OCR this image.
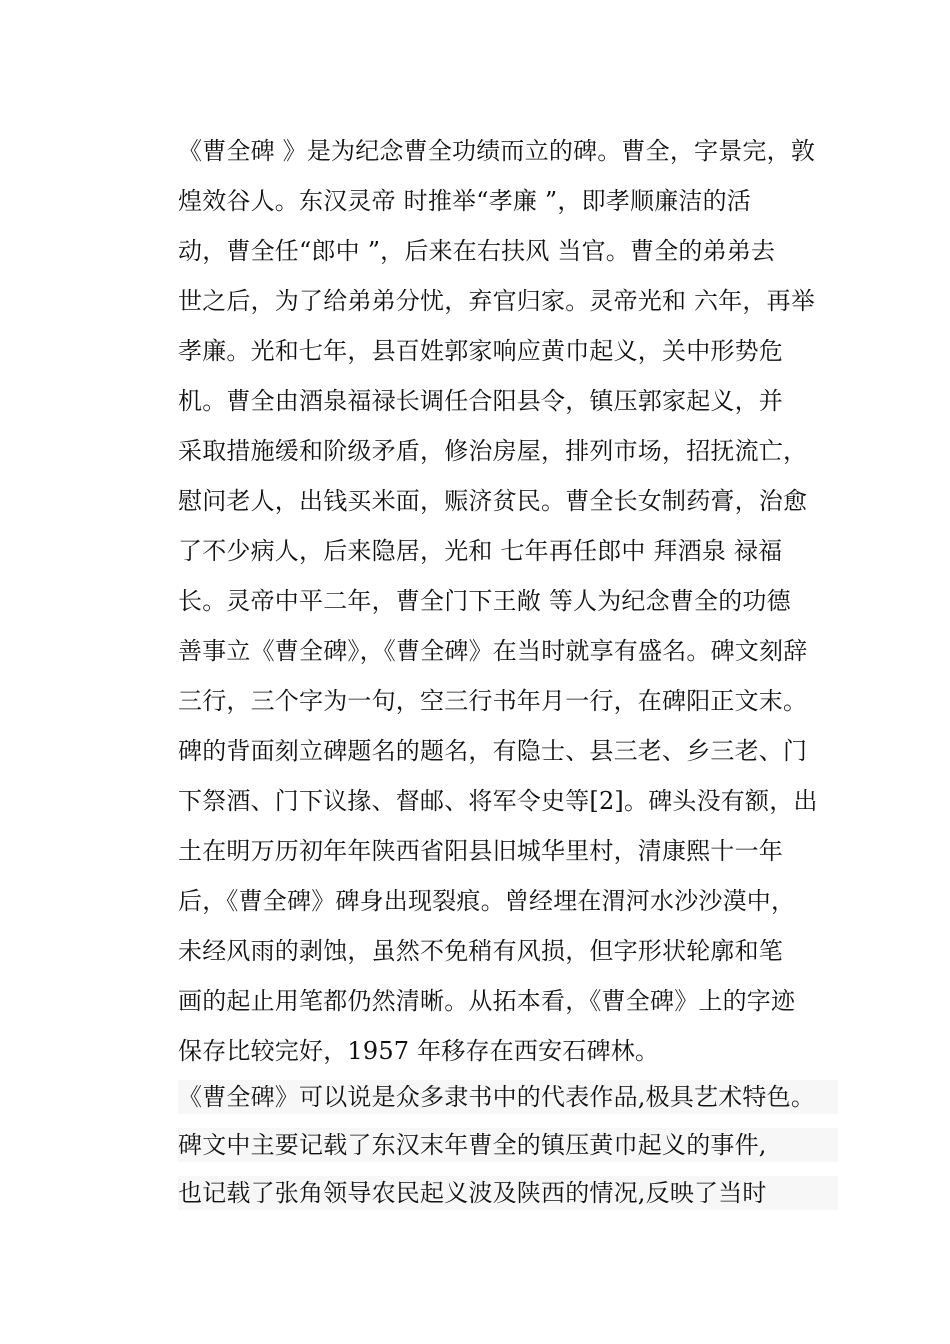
《曹全碑 》是为纪念曹全功绩而立的碑。曹全，字景完，敦
煌效谷人。东汉灵帝 时推举“孝廉 ”，即孝顺廉洁的活
动，曹全任“郎中 ”，后来在右扶风 当官。曹全的弟弟去
世之后，为了给弟弟分忧，弃官归家。灵帝光和 六年，再举
孝廉。光和七年，县百姓郭家响应黄巾起义，关中形势危
机。曹全由酒泉福禄长调任合阳县令，镇压郭家起义，并
采取措施缓和阶级矛盾，修治房屋，排列市场，招抚流亡，
慰问老人，出钱买米面，赈济贫民。曹全长女制药膏，治愈
了不少病人，后来隐居，光和 七年再任郎中 拜酒泉 禄福
长。灵帝中平二年，曹全门下王敞 等人为纪念曹全的功德
善事立《曹全碑》，《曹全碑》在当时就享有盛名。碑文刻辞
三行，三个字为一句，空三行书年月一行，在碑阳正文末。
碑的背面刻立碑题名的题名，有隐士、县三老、乡三老、门
下祭酒、门下议掾、督邮、将军令史等[2]。碑头没有额，出
土在明万历初年年陕西省阳县旧城华里村，清康熙十一年
后，《曹全碑》碑身出现裂痕。曾经埋在渭河水沙沙漠中，
未经风雨的剥蚀，虽然不免稍有风损，但字形状轮廓和笔
画的起止用笔都仍然清晰。从拓本看，《曹全碑》上的字迹
保存比较完好，1957 年移存在西安石碑林。
《曹全碑》可以说是众多隶书中的代表作品,极具艺术特色。
碑文中主要记载了东汉末年曹全的镇压黄巾起义的事件,
也记载了张角领导农民起义波及陕西的情况,反映了当时
